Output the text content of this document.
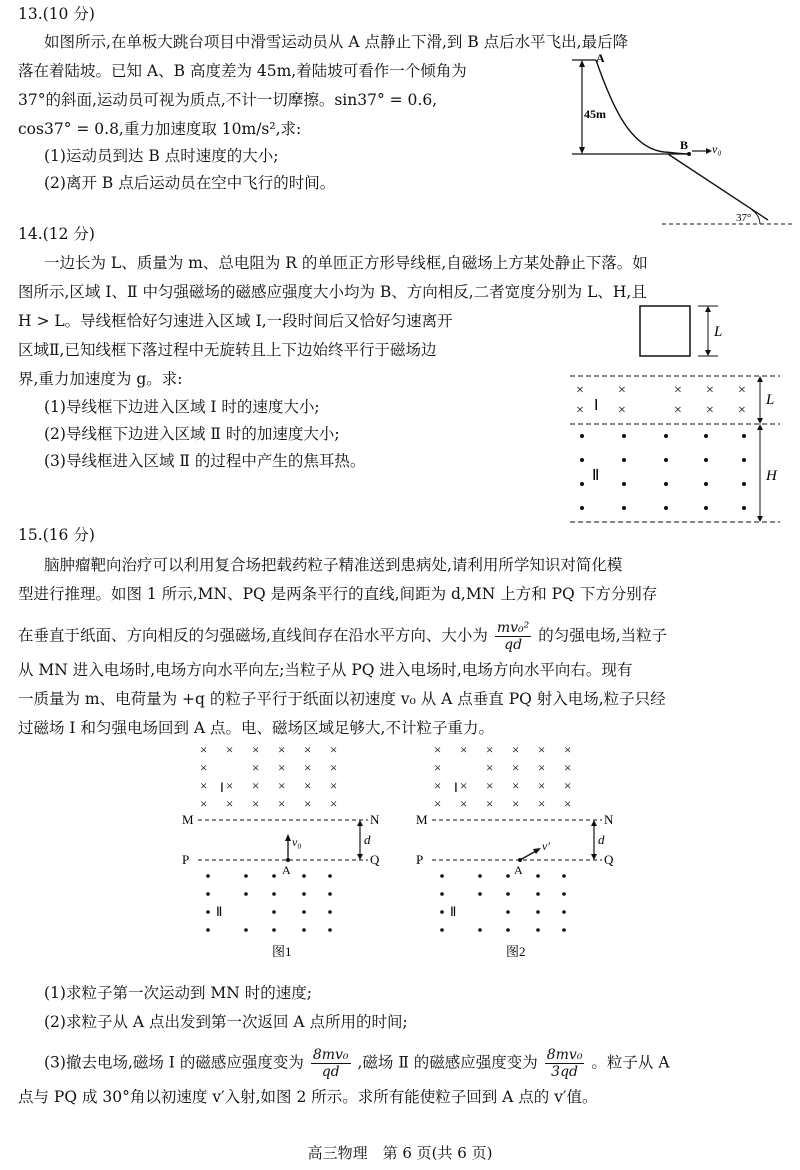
13.(10 分)
如图所示,在单板大跳台项目中滑雪运动员从 A 点静止下滑,到 B 点后水平飞出,最后降
落在着陆坡。已知 A、B 高度差为 45m,着陆坡可看作一个倾角为
37°的斜面,运动员可视为质点,不计一切摩擦。sin37° = 0.6,
cos37° = 0.8,重力加速度取 10m/s²,求:
(1)运动员到达 B 点时速度的大小;
(2)离开 B 点后运动员在空中飞行的时间。
A
45m
B v₀
37°
14.(12 分)
一边长为 L、质量为 m、总电阻为 R 的单匝正方形导线框,自磁场上方某处静止下落。如
图所示,区域 Ⅰ、Ⅱ 中匀强磁场的磁感应强度大小均为 B、方向相反,二者宽度分别为 L、H,且
H > L。导线框恰好匀速进入区域 Ⅰ,一段时间后又恰好匀速离开
区域Ⅱ,已知线框下落过程中无旋转且上下边始终平行于磁场边
界,重力加速度为 g。求:
(1)导线框下边进入区域 Ⅰ 时的速度大小;
(2)导线框下边进入区域 Ⅱ 时的加速度大小;
(3)导线框进入区域 Ⅱ 的过程中产生的焦耳热。
L
× ×	× × ×
× ×	× × ×
Ⅰ
Ⅱ
L
H
15.(16 分)
脑肿瘤靶向治疗可以利用复合场把载药粒子精准送到患病处,请利用所学知识对简化模
型进行推理。如图 1 所示,MN、PQ 是两条平行的直线,间距为 d,MN 上方和 PQ 下方分别存
在垂直于纸面、方向相反的匀强磁场,直线间存在沿水平方向、大小为 $\frac{\text{mv₀²}}{qd}$ 的匀强电场,当粒子
从 MN 进入电场时,电场方向水平向左;当粒子从 PQ 进入电场时,电场方向水平向右。现有
一质量为 m、电荷量为 +q 的粒子平行于纸面以初速度 v₀ 从 A 点垂直 PQ 射入电场,粒子只经
过磁场 Ⅰ 和匀强电场回到 A 点。电、磁场区域足够大,不计粒子重力。
× × × × × ×
×	× × × ×
× × × × × ×
× × × × × ×
Ⅰ
M	N
P	Q
d
v₀
A
Ⅱ
图1
× × × × × ×
×	× × × ×
× × × × × ×
× × × × × ×
Ⅰ
M	N
P	Q
d
v′
A
Ⅱ
图2
(1)求粒子第一次运动到 MN 时的速度;
(2)求粒子从 A 点出发到第一次返回 A 点所用的时间;
(3)撤去电场,磁场 Ⅰ 的磁感应强度变为 $\frac{\text{8mv₀}}{qd}$ ,磁场 Ⅱ 的磁感应强度变为 $\frac{\text{8mv₀}}{3qd}$ 。粒子从 A
点与 PQ 成 30°角以初速度 v′入射,如图 2 所示。求所有能使粒子回到 A 点的 v′值。
高三物理　第 6 页(共 6 页)
